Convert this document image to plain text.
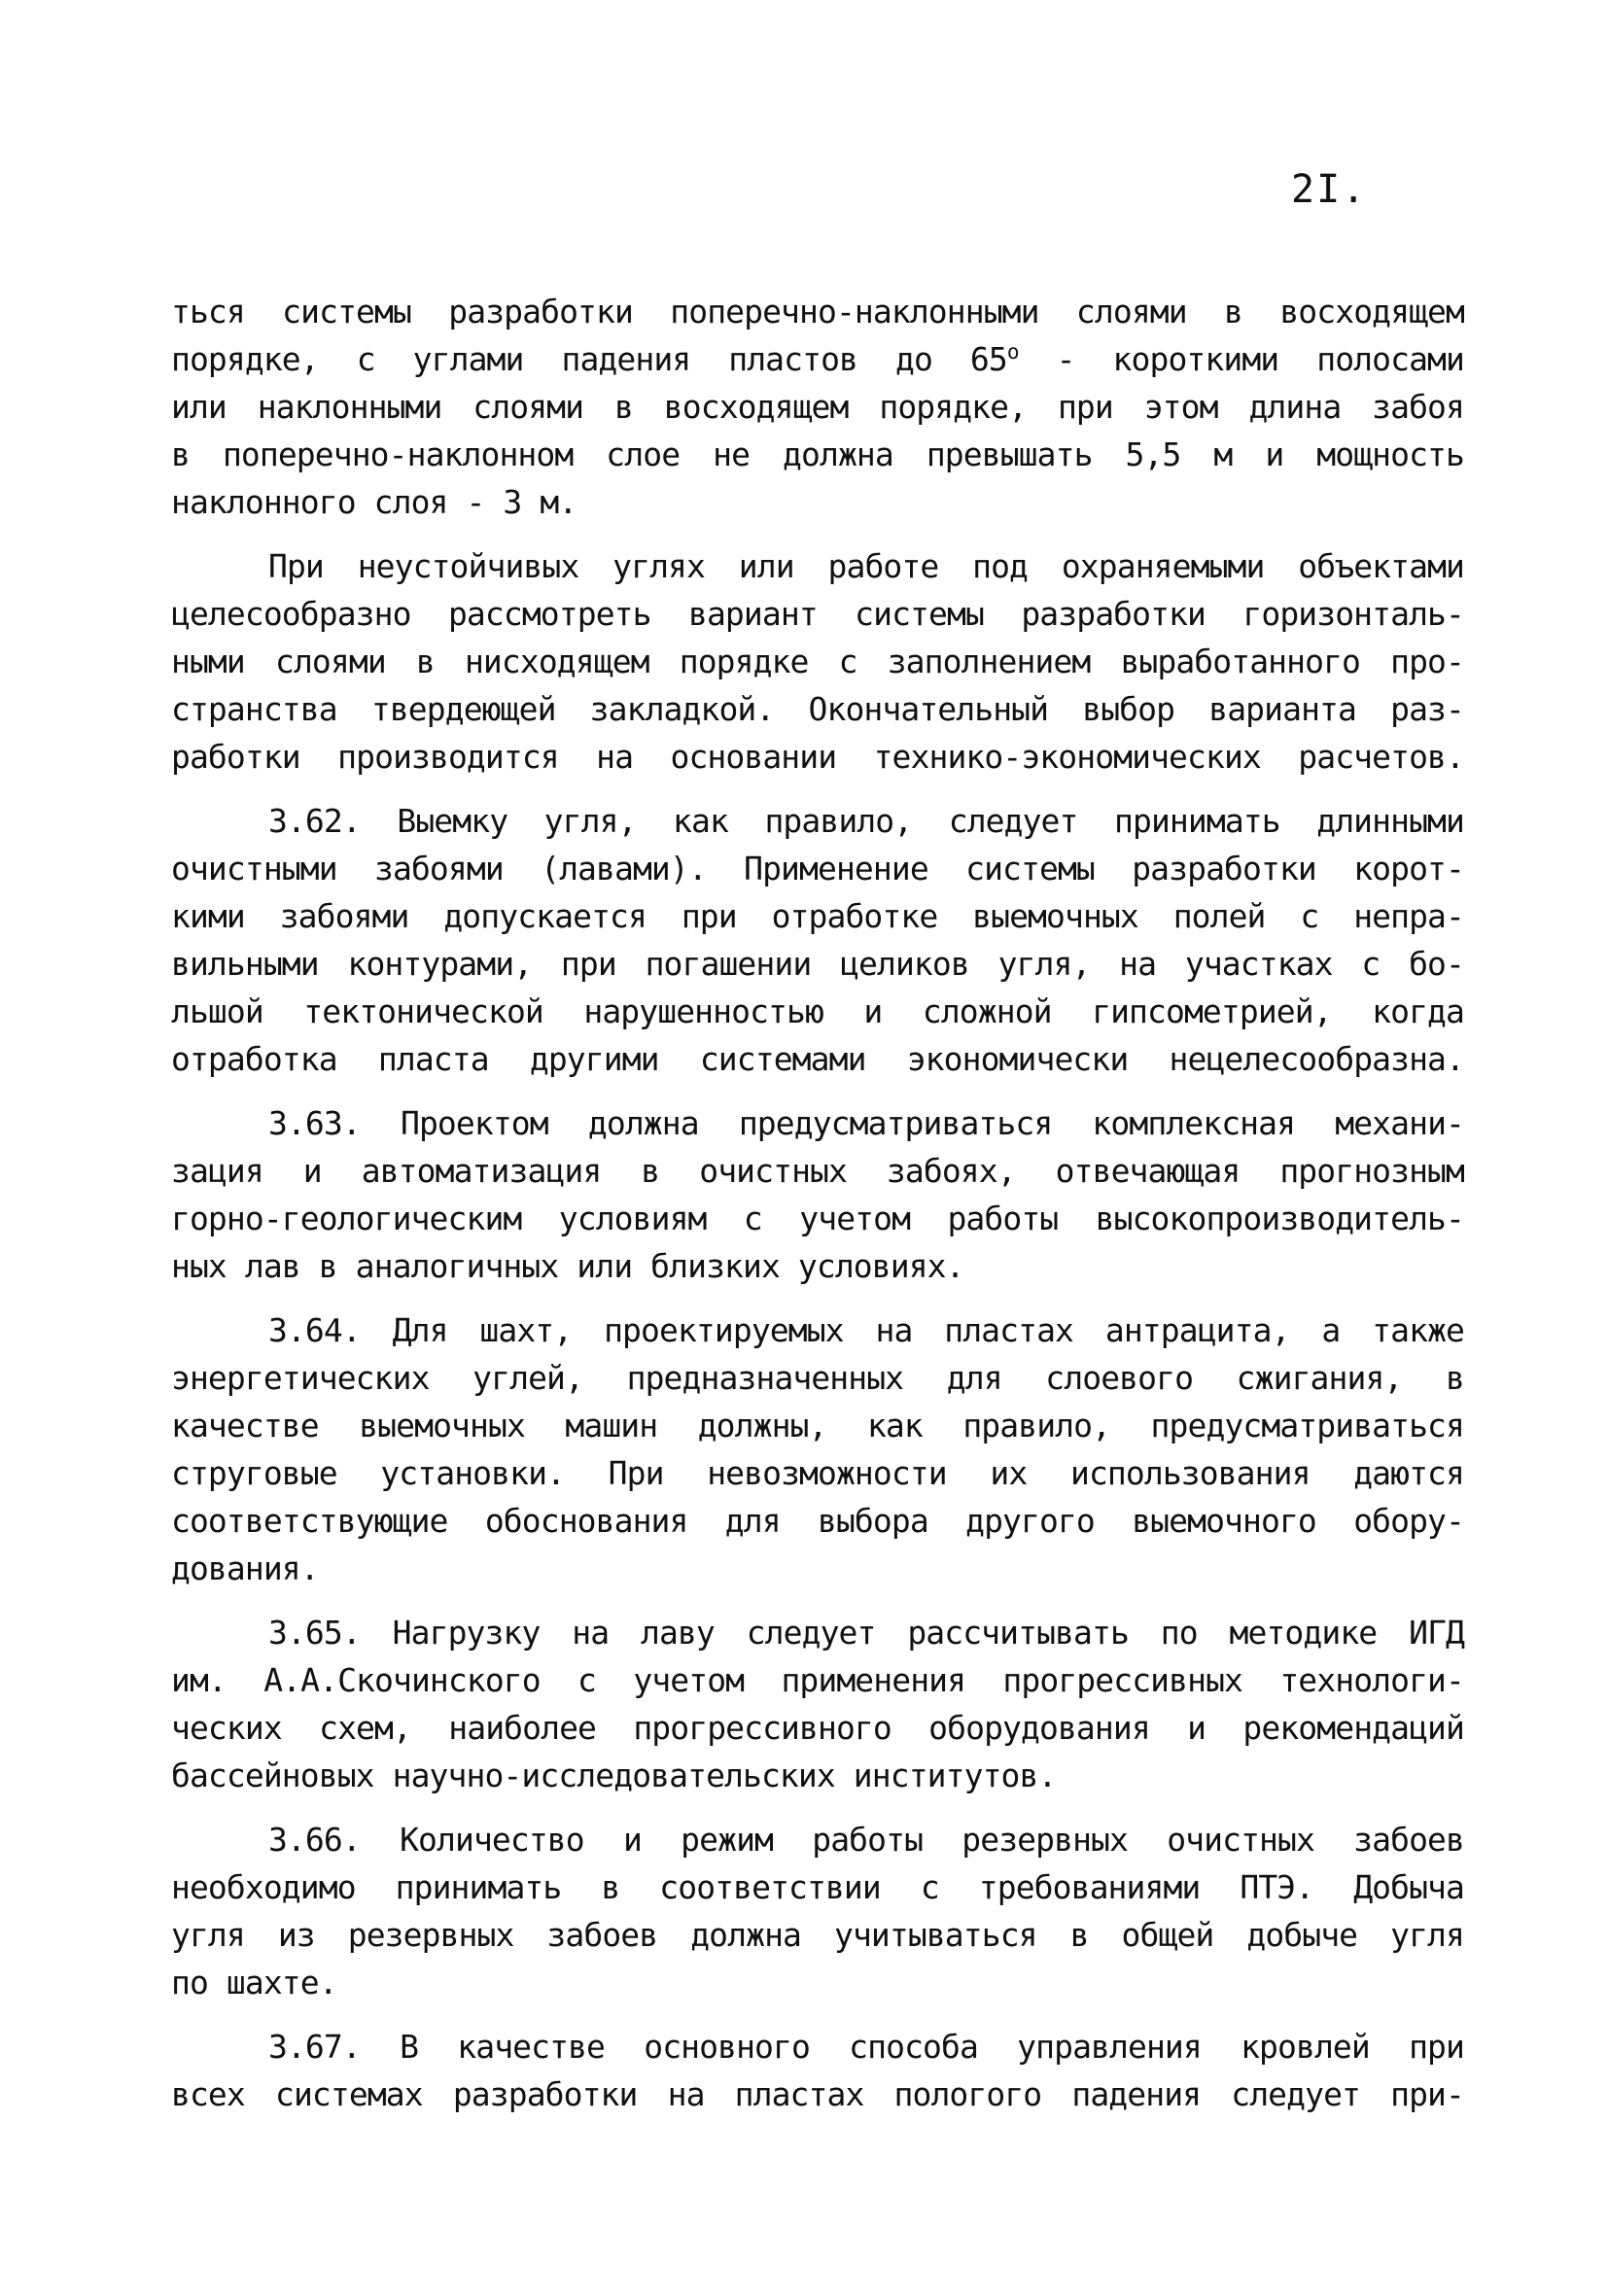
2I.
ться системы разработки поперечно-наклонными слоями в восходящем
порядке, с углами падения пластов до $65^о$ - короткими полосами
или наклонными слоями в восходящем порядке, при этом длина забоя
в поперечно-наклонном слое не должна превышать 5,5 м и мощность
наклонного слоя - 3 м.
При неустойчивых углях или работе под охраняемыми объектами
целесообразно рассмотреть вариант системы разработки горизонталь-
ными слоями в нисходящем порядке с заполнением выработанного про-
странства твердеющей закладкой. Окончательный выбор варианта раз-
работки производится на основании технико-экономических расчетов.
3.62. Выемку угля, как правило, следует принимать длинными
очистными забоями (лавами). Применение системы разработки корот-
кими забоями допускается при отработке выемочных полей с непра-
вильными контурами, при погашении целиков угля, на участках с бо-
льшой тектонической нарушенностью и сложной гипсометрией, когда
отработка пласта другими системами экономически нецелесообразна.
3.63. Проектом должна предусматриваться комплексная механи-
зация и автоматизация в очистных забоях, отвечающая прогнозным
горно-геологическим условиям с учетом работы высокопроизводитель-
ных лав в аналогичных или близких условиях.
3.64. Для шахт, проектируемых на пластах антрацита, а также
энергетических углей, предназначенных для слоевого сжигания, в
качестве выемочных машин должны, как правило, предусматриваться
струговые установки. При невозможности их использования даются
соответствующие обоснования для выбора другого выемочного обору-
дования.
3.65. Нагрузку на лаву следует рассчитывать по методике ИГД
им. А.А.Скочинского с учетом применения прогрессивных технологи-
ческих схем, наиболее прогрессивного оборудования и рекомендаций
бассейновых научно-исследовательских институтов.
3.66. Количество и режим работы резервных очистных забоев
необходимо принимать в соответствии с требованиями ПТЭ. Добыча
угля из резервных забоев должна учитываться в общей добыче угля
по шахте.
3.67. В качестве основного способа управления кровлей при
всех системах разработки на пластах пологого падения следует при-
